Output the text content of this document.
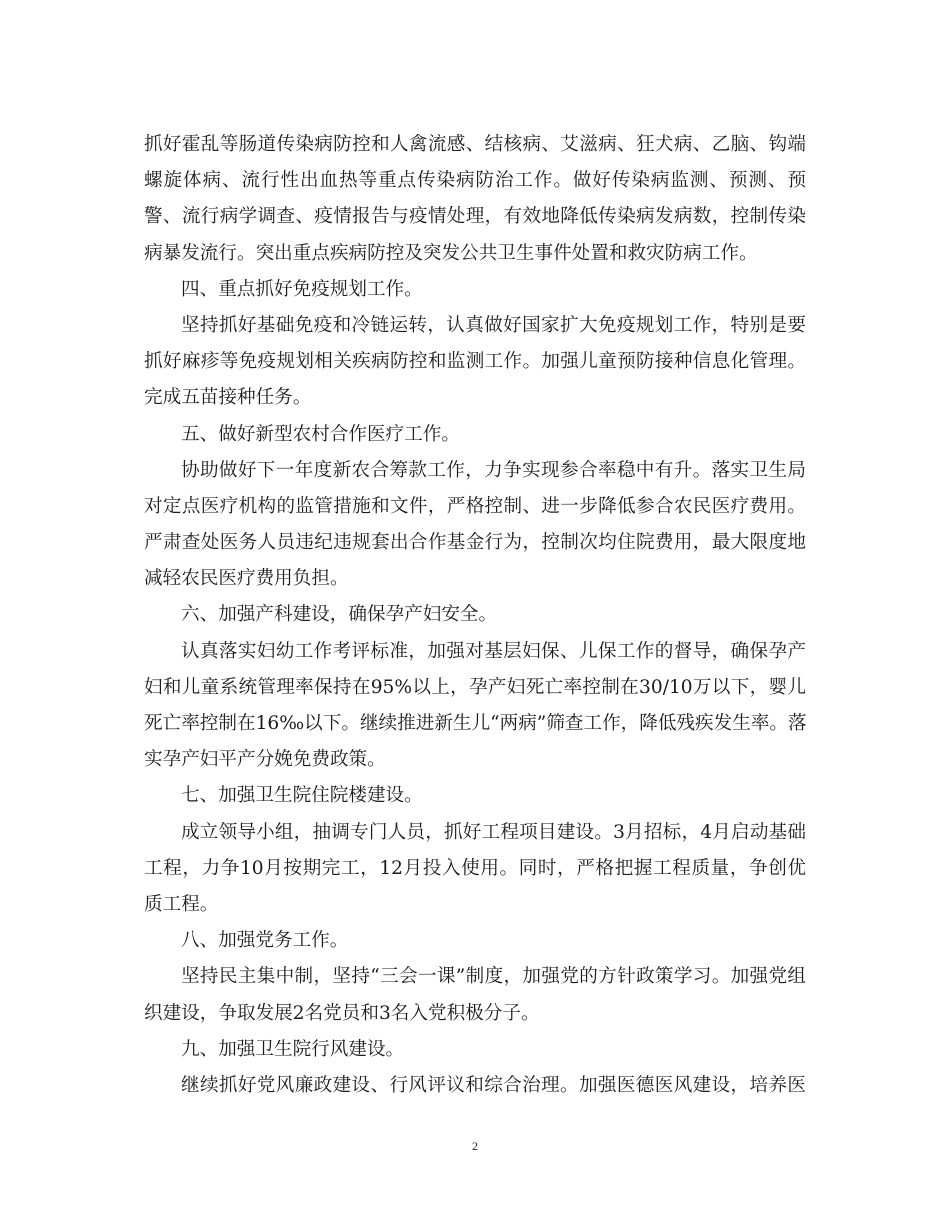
抓好霍乱等肠道传染病防控和人禽流感、结核病、艾滋病、狂犬病、乙脑、钩端
螺旋体病、流行性出血热等重点传染病防治工作。做好传染病监测、预测、预
警、流行病学调查、疫情报告与疫情处理，有效地降低传染病发病数，控制传染
病暴发流行。突出重点疾病防控及突发公共卫生事件处置和救灾防病工作。
四、重点抓好免疫规划工作。
坚持抓好基础免疫和冷链运转，认真做好国家扩大免疫规划工作，特别是要
抓好麻疹等免疫规划相关疾病防控和监测工作。加强儿童预防接种信息化管理。
完成五苗接种任务。
五、做好新型农村合作医疗工作。
协助做好下一年度新农合筹款工作，力争实现参合率稳中有升。落实卫生局
对定点医疗机构的监管措施和文件，严格控制、进一步降低参合农民医疗费用。
严肃查处医务人员违纪违规套出合作基金行为，控制次均住院费用，最大限度地
减轻农民医疗费用负担。
六、加强产科建设，确保孕产妇安全。
认真落实妇幼工作考评标准，加强对基层妇保、儿保工作的督导，确保孕产
妇和儿童系统管理率保持在95%以上，孕产妇死亡率控制在30/10万以下，婴儿
死亡率控制在16‰以下。继续推进新生儿“两病”筛查工作，降低残疾发生率。落
实孕产妇平产分娩免费政策。
七、加强卫生院住院楼建设。
成立领导小组，抽调专门人员，抓好工程项目建设。3月招标，4月启动基础
工程，力争10月按期完工，12月投入使用。同时，严格把握工程质量，争创优
质工程。
八、加强党务工作。
坚持民主集中制，坚持“三会一课”制度，加强党的方针政策学习。加强党组
织建设，争取发展2名党员和3名入党积极分子。
九、加强卫生院行风建设。
继续抓好党风廉政建设、行风评议和综合治理。加强医德医风建设，培养医
2
